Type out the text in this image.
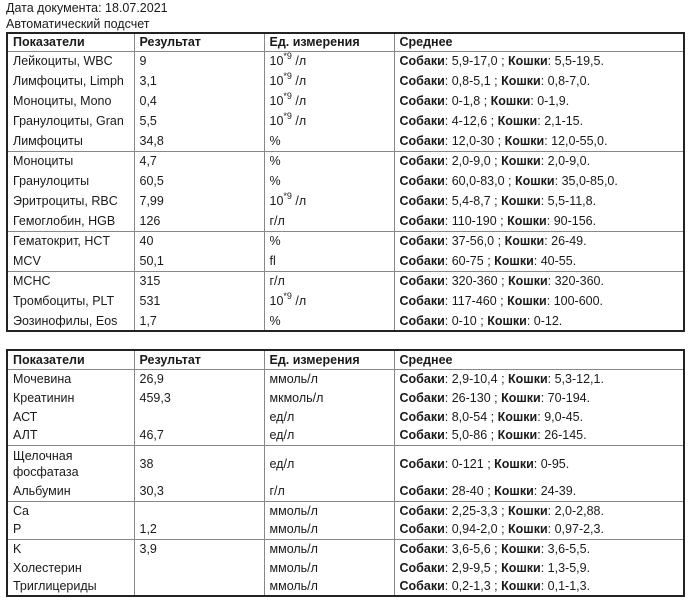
Дата документа: 18.07.2021
Автоматический подсчет
Показатели	Результат	Ед. измерения	Среднее
Лейкоциты, WBC	9	10$^{*9}$ /л	Собаки: 5,9-17,0 ; Кошки: 5,5-19,5.
Лимфоциты, Limph	3,1	10$^{*9}$ /л	Собаки: 0,8-5,1 ; Кошки: 0,8-7,0.
Моноциты, Mono	0,4	10$^{*9}$ /л	Собаки: 0-1,8 ; Кошки: 0-1,9.
Гранулоциты, Gran	5,5	10$^{*9}$ /л	Собаки: 4-12,6 ; Кошки: 2,1-15.
Лимфоциты	34,8	%	Собаки: 12,0-30 ; Кошки: 12,0-55,0.
Моноциты	4,7	%	Собаки: 2,0-9,0 ; Кошки: 2,0-9,0.
Гранулоциты	60,5	%	Собаки: 60,0-83,0 ; Кошки: 35,0-85,0.
Эритроциты, RBC	7,99	10$^{*9}$ /л	Собаки: 5,4-8,7 ; Кошки: 5,5-11,8.
Гемоглобин, HGB	126	г/л	Собаки: 110-190 ; Кошки: 90-156.
Гематокрит, HCT	40	%	Собаки: 37-56,0 ; Кошки: 26-49.
MCV	50,1	fl	Собаки: 60-75 ; Кошки: 40-55.
MCHC	315	г/л	Собаки: 320-360 ; Кошки: 320-360.
Тромбоциты, PLT	531	10$^{*9}$ /л	Собаки: 117-460 ; Кошки: 100-600.
Эозинофилы, Eos	1,7	%	Собаки: 0-10 ; Кошки: 0-12.
Показатели	Результат	Ед. измерения	Среднее
Мочевина	26,9	ммоль/л	Собаки: 2,9-10,4 ; Кошки: 5,3-12,1.
Креатинин	459,3	мкмоль/л	Собаки: 26-130 ; Кошки: 70-194.
АСТ		ед/л	Собаки: 8,0-54 ; Кошки: 9,0-45.
АЛТ	46,7	ед/л	Собаки: 5,0-86 ; Кошки: 26-145.
Щелочная фосфатаза	38	ед/л	Собаки: 0-121 ; Кошки: 0-95.
Альбумин	30,3	г/л	Собаки: 28-40 ; Кошки: 24-39.
Ca		ммоль/л	Собаки: 2,25-3,3 ; Кошки: 2,0-2,88.
P	1,2	ммоль/л	Собаки: 0,94-2,0 ; Кошки: 0,97-2,3.
K	3,9	ммоль/л	Собаки: 3,6-5,6 ; Кошки: 3,6-5,5.
Холестерин		ммоль/л	Собаки: 2,9-9,5 ; Кошки: 1,3-5,9.
Триглицериды		ммоль/л	Собаки: 0,2-1,3 ; Кошки: 0,1-1,3.
